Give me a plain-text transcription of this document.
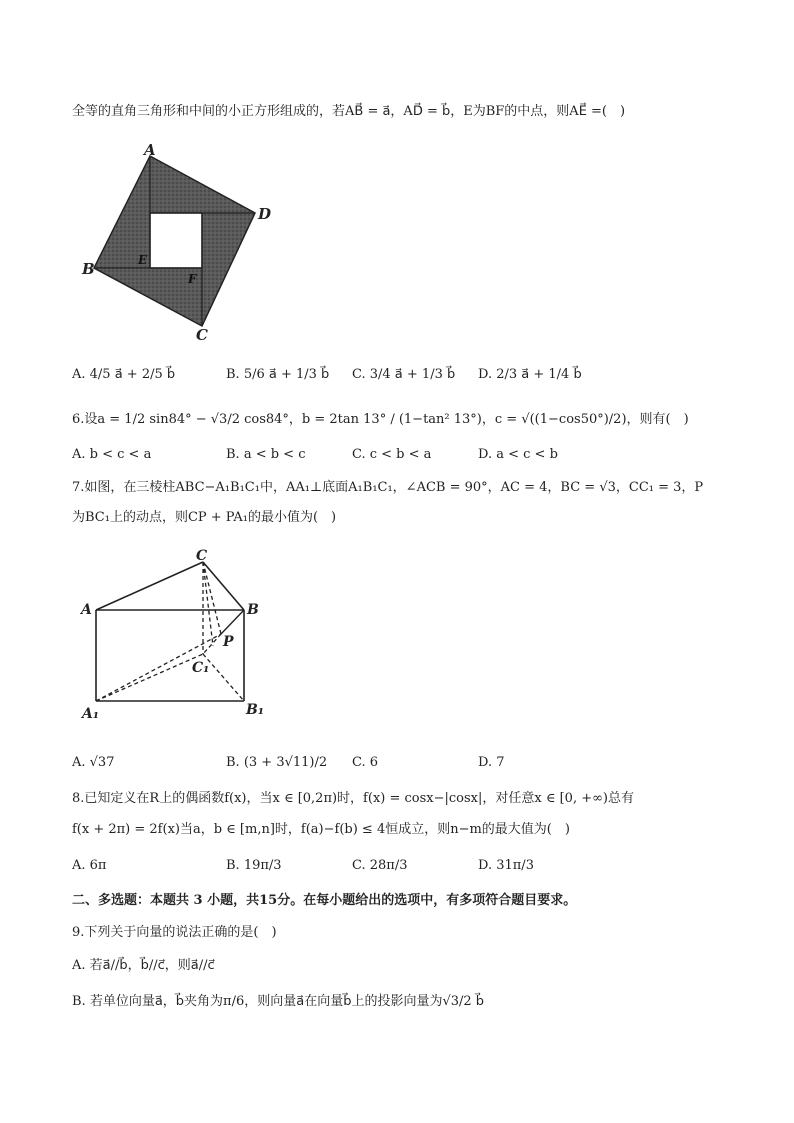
全等的直角三角形和中间的小正方形组成的，若AB⃗ = a⃗，AD⃗ = b⃗，E为BF的中点，则AE⃗ =(　)
A
D
B
C
E
F
A. 4/5 a⃗ + 2/5 b⃗	B. 5/6 a⃗ + 1/3 b⃗ C. 3/4 a⃗ + 1/3 b⃗ D. 2/3 a⃗ + 1/4 b⃗
6.设a = 1/2 sin84° − √3/2 cos84°，b = 2tan 13° / (1−tan² 13°)，c = √((1−cos50°)/2)，则有(　)
A. b < c < a	B. a < b < c	C. c < b < a	D. a < c < b
7.如图，在三棱柱ABC−A₁B₁C₁中，AA₁⊥底面A₁B₁C₁，∠ACB = 90°，AC = 4，BC = √3，CC₁ = 3，P
为BC₁上的动点，则CP + PA₁的最小值为(　)
C
A	B
P
C₁
A₁	B₁
A. √37	B. (3 + 3√11)/2 C. 6	D. 7
8.已知定义在R上的偶函数f(x)，当x ∈ [0,2π)时，f(x) = cosx−|cosx|，对任意x ∈ [0, +∞)总有
f(x + 2π) = 2f(x)当a，b ∈ [m,n]时，f(a)−f(b) ≤ 4恒成立，则n−m的最大值为(　)
A. 6π	B. 19π/3	C. 28π/3	D. 31π/3
二、多选题：本题共 3 小题，共15分。在每小题给出的选项中，有多项符合题目要求。
9.下列关于向量的说法正确的是(　)
A. 若a⃗//b⃗，b⃗//c⃗，则a⃗//c⃗
B. 若单位向量a⃗，b⃗夹角为π/6，则向量a⃗在向量b⃗上的投影向量为√3/2 b⃗
